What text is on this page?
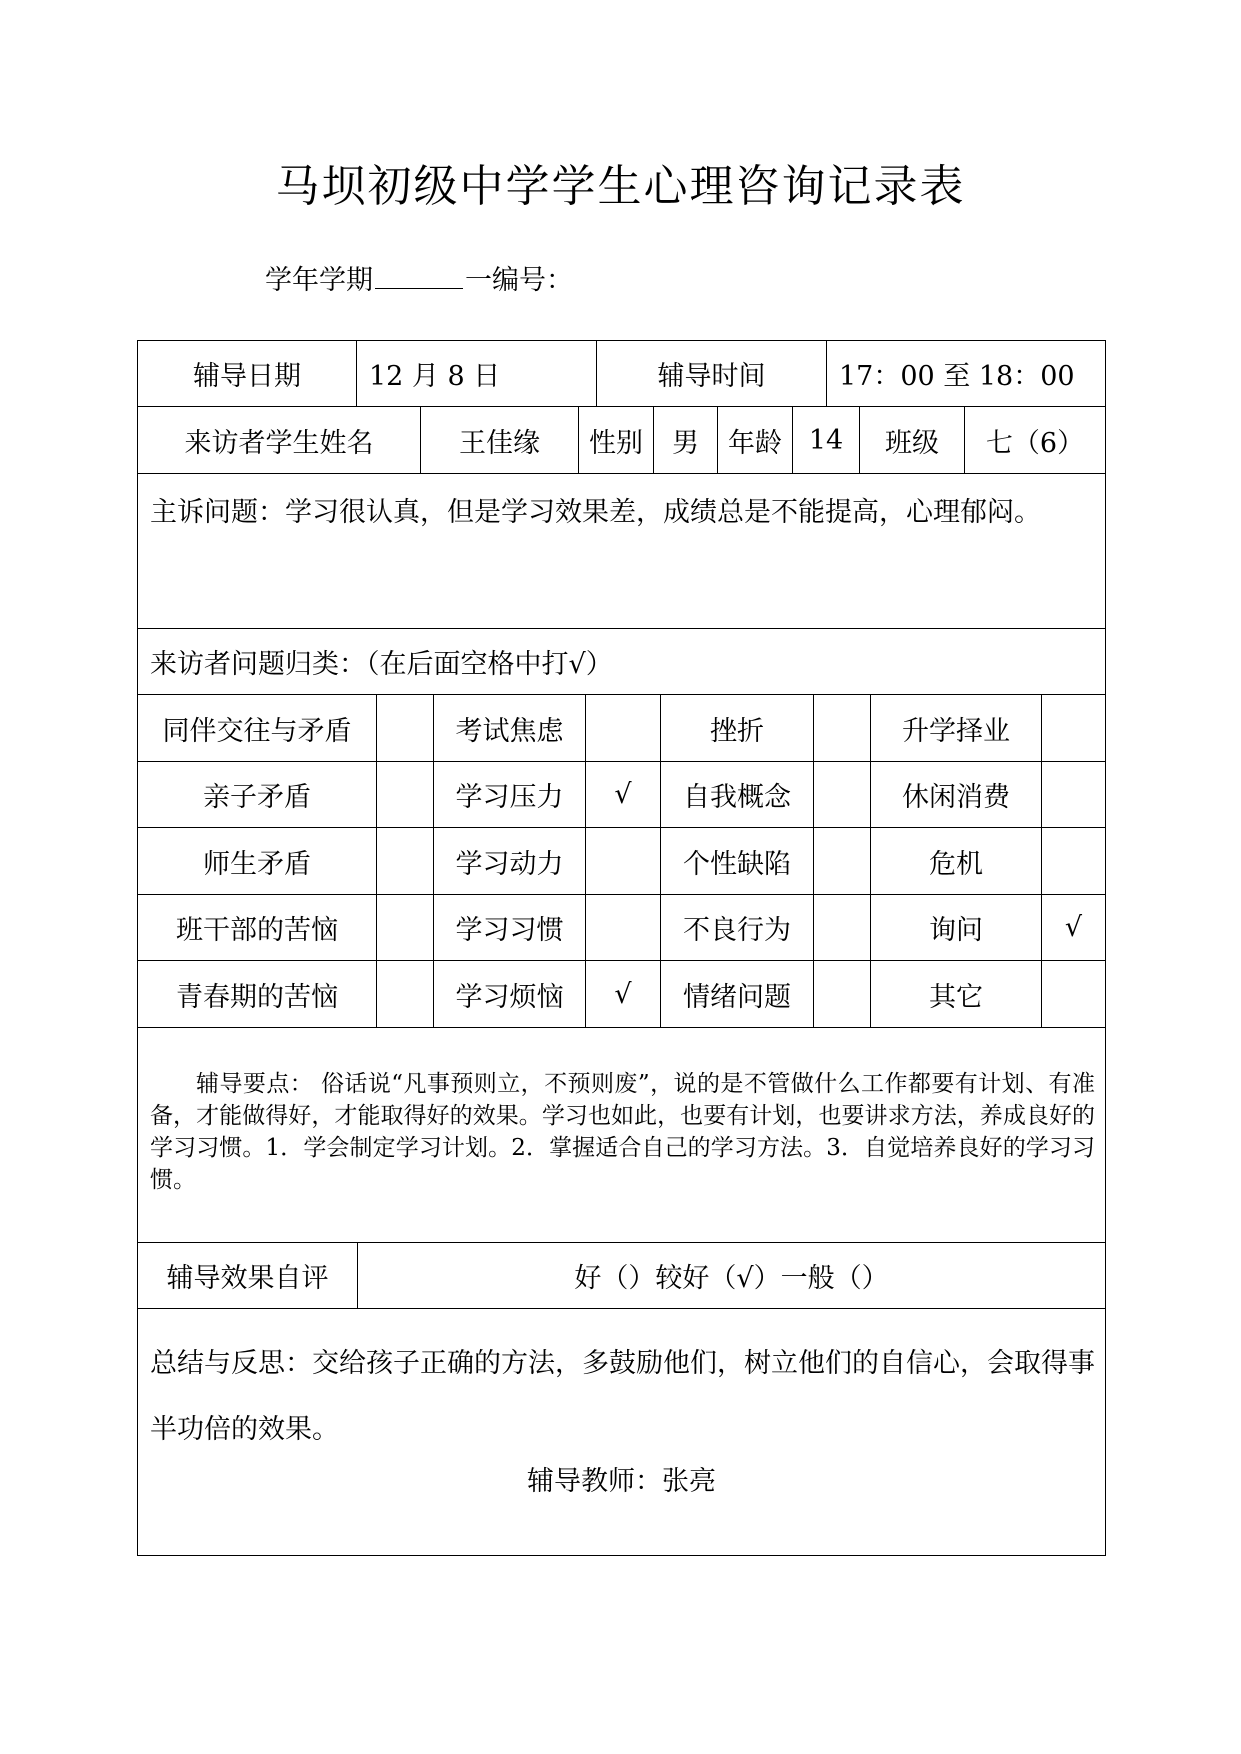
马坝初级中学学生心理咨询记录表
学年学期	一编号：
辅导日期	12 月 8 日	辅导时间	17：00 至 18：00
来访者学生姓名	王佳缘	性别	男	年龄 14	班级	七（6）
主诉问题：学习很认真，但是学习效果差，成绩总是不能提高，心理郁闷。
来访者问题归类：（在后面空格中打√）
同伴交往与矛盾	考试焦虑	挫折	升学择业
亲子矛盾	学习压力	√	自我概念	休闲消费
师生矛盾	学习动力	个性缺陷	危机
班干部的苦恼	学习习惯	不良行为	询问	√
青春期的苦恼	学习烦恼	√	情绪问题	其它
辅导要点： 俗话说“凡事预则立，不预则废”，说的是不管做什么工作都要有计划、有准备，才能做得好，才能取得好的效果。学习也如此，也要有计划，也要讲求方法，养成良好的学习习惯。1．学会制定学习计划。2．掌握适合自己的学习方法。3．自觉培养良好的学习习惯。
辅导效果自评	好（）较好（√）一般（）
总结与反思：交给孩子正确的方法，多鼓励他们，树立他们的自信心，会取得事半功倍的效果。
辅导教师：张亮
